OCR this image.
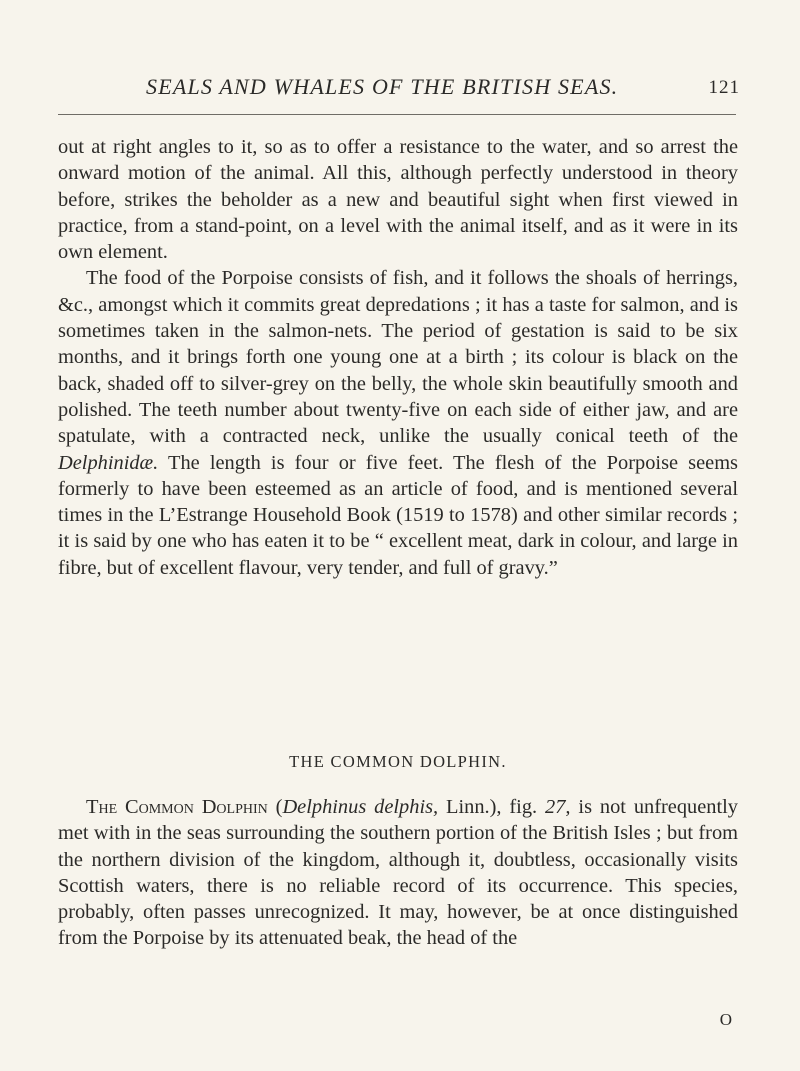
SEALS AND WHALES OF THE BRITISH SEAS.	121

out at right angles to it, so as to offer a resistance to the water, and so arrest the onward motion of the animal. All this, although perfectly understood in theory before, strikes the beholder as a new and beautiful sight when first viewed in practice, from a stand-point, on a level with the animal itself, and as it were in its own element.

The food of the Porpoise consists of fish, and it follows the shoals of herrings, &c., amongst which it commits great depredations ; it has a taste for salmon, and is sometimes taken in the salmon-nets. The period of gestation is said to be six months, and it brings forth one young one at a birth ; its colour is black on the back, shaded off to silver-grey on the belly, the whole skin beautifully smooth and polished. The teeth number about twenty-five on each side of either jaw, and are spatulate, with a contracted neck, unlike the usually conical teeth of the Delphinidæ. The length is four or five feet. The flesh of the Porpoise seems formerly to have been esteemed as an article of food, and is mentioned several times in the L’Estrange Household Book (1519 to 1578) and other similar records ; it is said by one who has eaten it to be “ excellent meat, dark in colour, and large in fibre, but of excellent flavour, very tender, and full of gravy.”

THE COMMON DOLPHIN.

The Common Dolphin (Delphinus delphis, Linn.), fig. 27, is not unfrequently met with in the seas surrounding the southern portion of the British Isles ; but from the northern division of the kingdom, although it, doubtless, occasionally visits Scottish waters, there is no reliable record of its occurrence. This species, probably, often passes unrecognized. It may, however, be at once distinguished from the Porpoise by its attenuated beak, the head of the

O
